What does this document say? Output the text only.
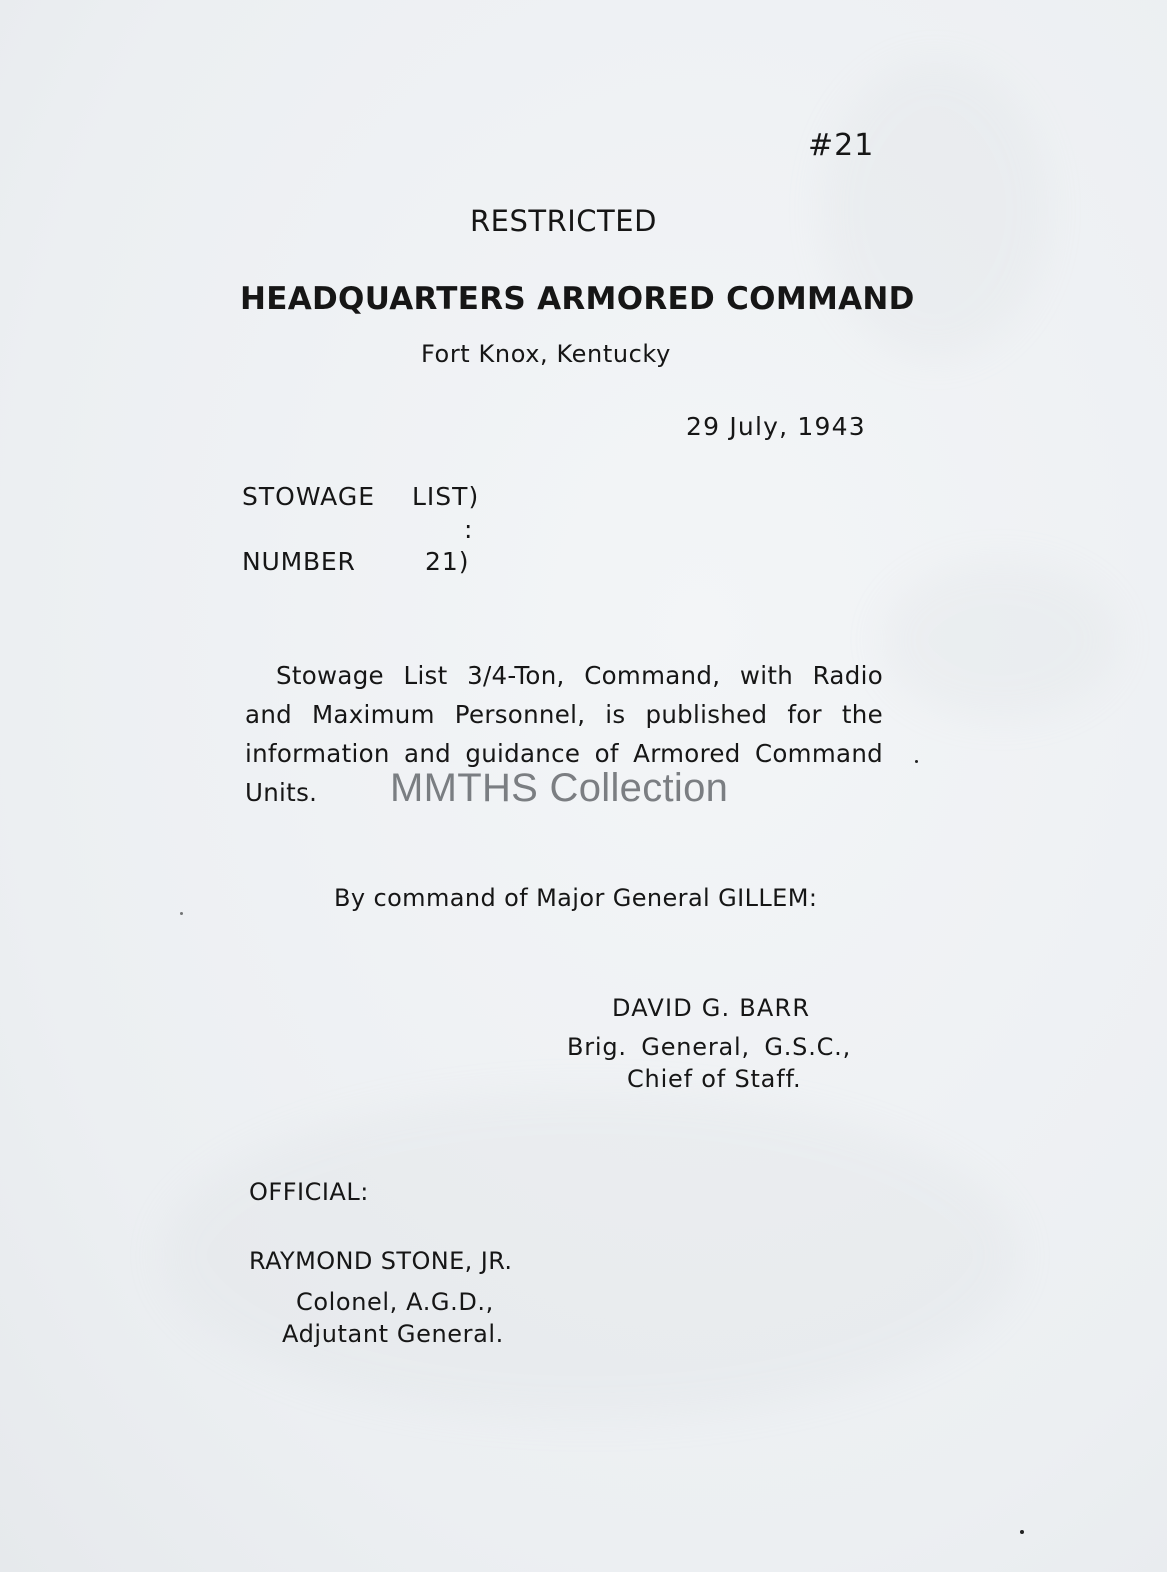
#21
RESTRICTED
HEADQUARTERS ARMORED COMMAND
Fort Knox, Kentucky
29 July, 1943
STOWAGE LIST)
:
NUMBER	21)
Stowage List 3/4-Ton, Command, with Radio and Maximum Personnel, is published for the information and guidance of Armored Command Units.
By command of Major General GILLEM:
DAVID G. BARR
Brig. General, G.S.C.,
Chief of Staff.
OFFICIAL:
RAYMOND STONE, JR.
Colonel, A.G.D.,
Adjutant General.
MMTHS Collection
